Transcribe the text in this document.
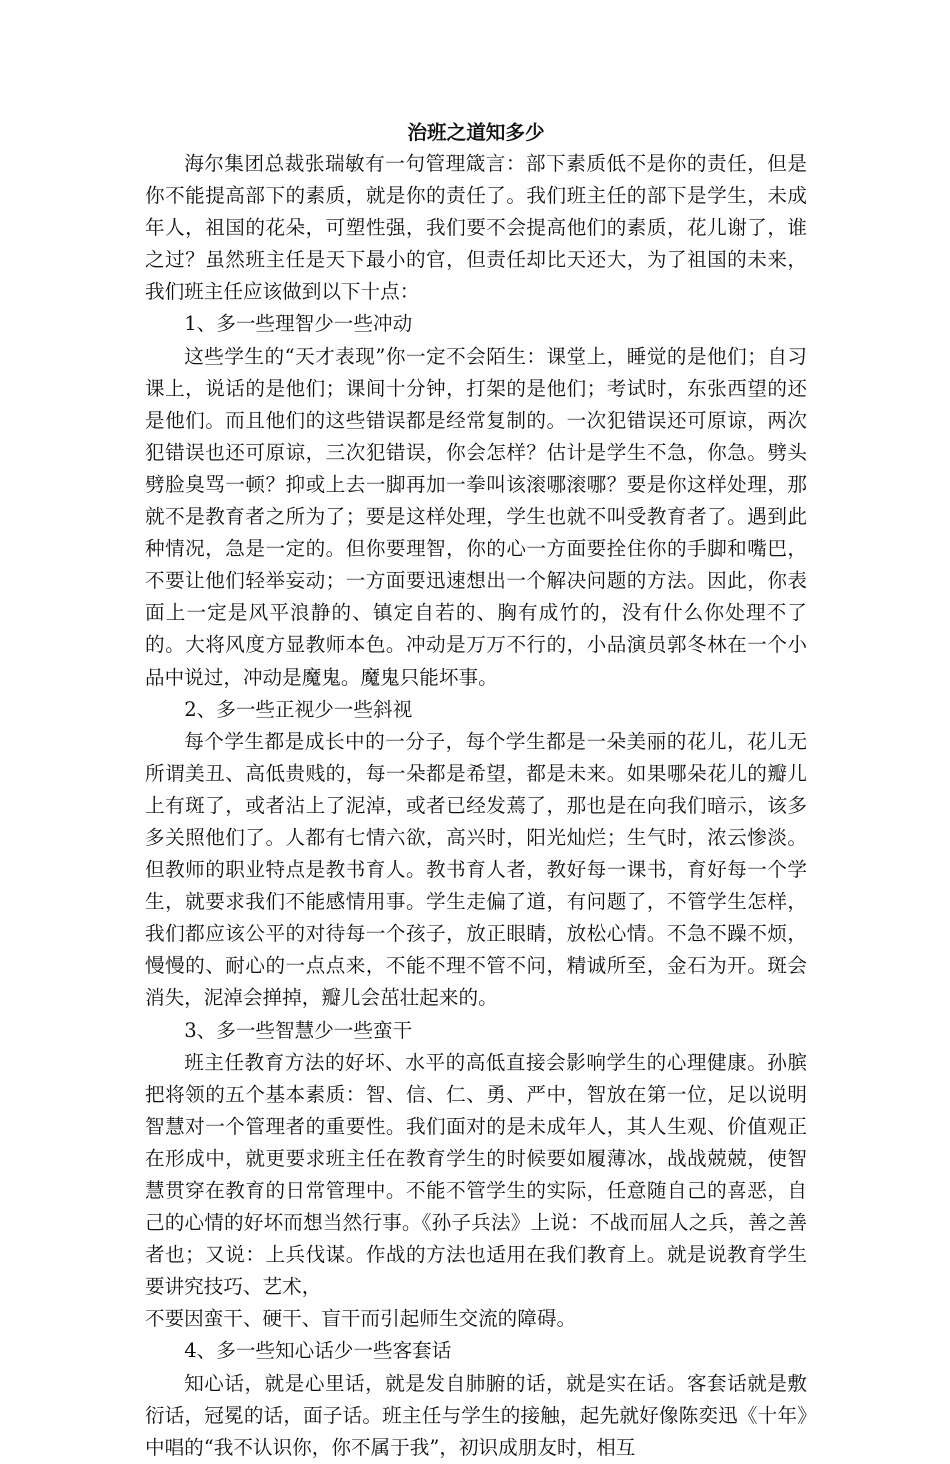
治班之道知多少

海尔集团总裁张瑞敏有一句管理箴言：部下素质低不是你的责任，但是你不能提高部下的素质，就是你的责任了。我们班主任的部下是学生，未成年人，祖国的花朵，可塑性强，我们要不会提高他们的素质，花儿谢了，谁之过？虽然班主任是天下最小的官，但责任却比天还大，为了祖国的未来，我们班主任应该做到以下十点：

1、多一些理智少一些冲动

这些学生的“天才表现”你一定不会陌生：课堂上，睡觉的是他们；自习课上，说话的是他们；课间十分钟，打架的是他们；考试时，东张西望的还是他们。而且他们的这些错误都是经常复制的。一次犯错误还可原谅，两次犯错误也还可原谅，三次犯错误，你会怎样？估计是学生不急，你急。劈头劈脸臭骂一顿？抑或上去一脚再加一拳叫该滚哪滚哪？要是你这样处理，那就不是教育者之所为了；要是这样处理，学生也就不叫受教育者了。遇到此种情况，急是一定的。但你要理智，你的心一方面要拴住你的手脚和嘴巴，不要让他们轻举妄动；一方面要迅速想出一个解决问题的方法。因此，你表面上一定是风平浪静的、镇定自若的、胸有成竹的，没有什么你处理不了的。大将风度方显教师本色。冲动是万万不行的，小品演员郭冬林在一个小品中说过，冲动是魔鬼。魔鬼只能坏事。

2、多一些正视少一些斜视

每个学生都是成长中的一分子，每个学生都是一朵美丽的花儿，花儿无所谓美丑、高低贵贱的，每一朵都是希望，都是未来。如果哪朵花儿的瓣儿上有斑了，或者沾上了泥淖，或者已经发蔫了，那也是在向我们暗示，该多多关照他们了。人都有七情六欲，高兴时，阳光灿烂；生气时，浓云惨淡。但教师的职业特点是教书育人。教书育人者，教好每一课书，育好每一个学生，就要求我们不能感情用事。学生走偏了道，有问题了，不管学生怎样，我们都应该公平的对待每一个孩子，放正眼睛，放松心情。不急不躁不烦，慢慢的、耐心的一点点来，不能不理不管不问，精诚所至，金石为开。斑会消失，泥淖会掸掉，瓣儿会茁壮起来的。

3、多一些智慧少一些蛮干

班主任教育方法的好坏、水平的高低直接会影响学生的心理健康。孙膑把将领的五个基本素质：智、信、仁、勇、严中，智放在第一位，足以说明智慧对一个管理者的重要性。我们面对的是未成年人，其人生观、价值观正在形成中，就更要求班主任在教育学生的时候要如履薄冰，战战兢兢，使智慧贯穿在教育的日常管理中。不能不管学生的实际，任意随自己的喜恶，自己的心情的好坏而想当然行事。《孙子兵法》上说：不战而屈人之兵，善之善者也；又说：上兵伐谋。作战的方法也适用在我们教育上。就是说教育学生要讲究技巧、艺术，

不要因蛮干、硬干、盲干而引起师生交流的障碍。

4、多一些知心话少一些客套话

知心话，就是心里话，就是发自肺腑的话，就是实在话。客套话就是敷衍话，冠冕的话，面子话。班主任与学生的接触，起先就好像陈奕迅《十年》中唱的“我不认识你，你不属于我”，初识成朋友时，相互
